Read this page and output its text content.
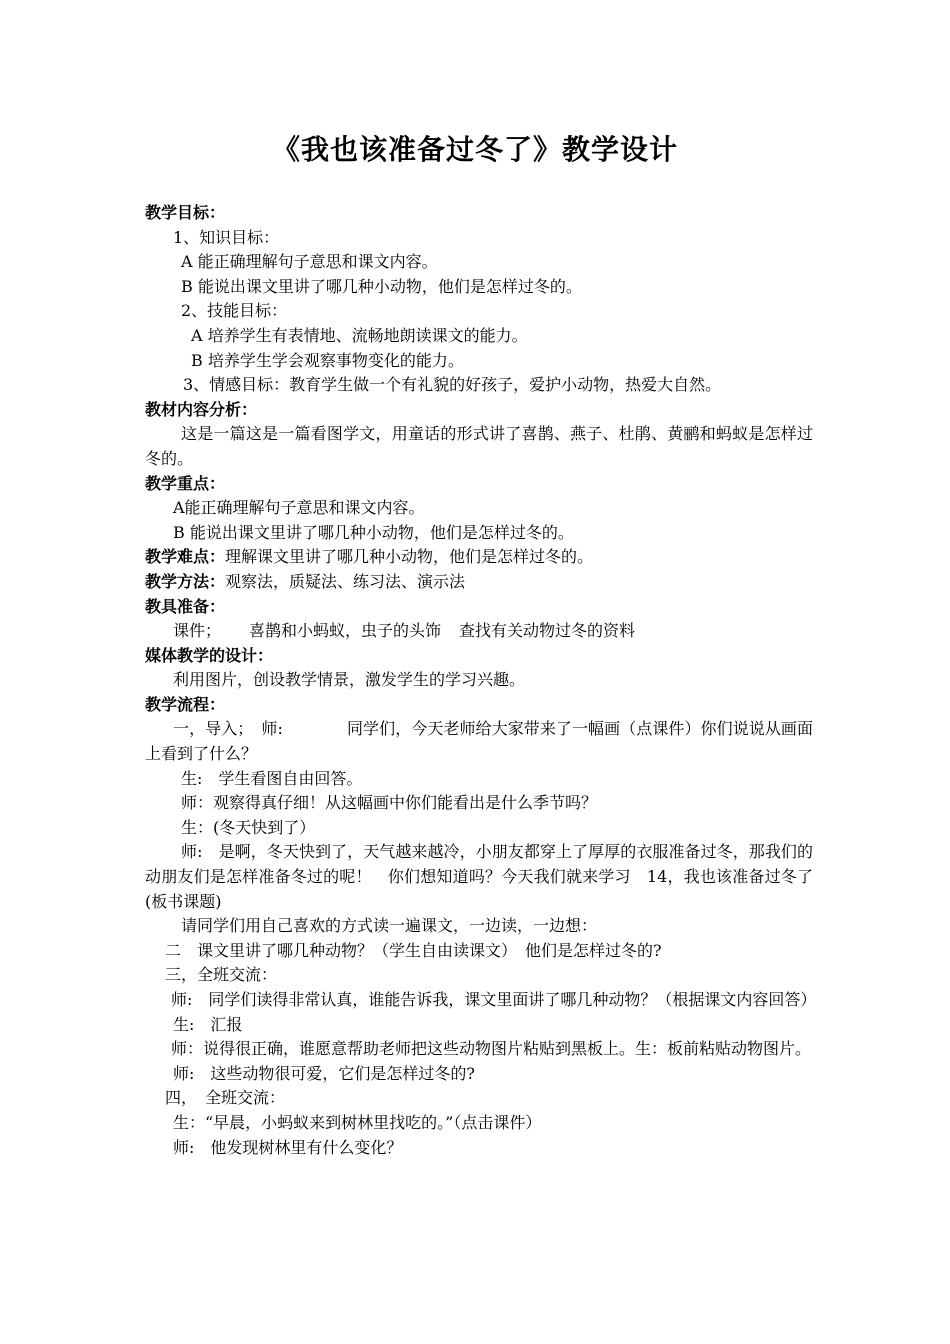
《我也该准备过冬了》教学设计

教学目标：

1、知识目标：

A 能正确理解句子意思和课文内容。

B 能说出课文里讲了哪几种小动物，他们是怎样过冬的。

2、技能目标：

A 培养学生有表情地、流畅地朗读课文的能力。

B 培养学生学会观察事物变化的能力。

3、情感目标：教育学生做一个有礼貌的好孩子，爱护小动物，热爱大自然。

教材内容分析：

这是一篇这是一篇看图学文，用童话的形式讲了喜鹊、燕子、杜鹃、黄鹂和蚂蚁是怎样过冬的。

教学重点：

A能正确理解句子意思和课文内容。

B 能说出课文里讲了哪几种小动物，他们是怎样过冬的。

教学难点：理解课文里讲了哪几种小动物，他们是怎样过冬的。

教学方法：观察法，质疑法、练习法、演示法

教具准备：

课件； 喜鹊和小蚂蚁，虫子的头饰 查找有关动物过冬的资料

媒体教学的设计：

利用图片，创设教学情景，激发学生的学习兴趣。

教学流程：

一，导入；　师:	同学们，今天老师给大家带来了一幅画（点课件）你们说说从画面上看到了什么？

生:　学生看图自由回答。

师：观察得真仔细！从这幅画中你们能看出是什么季节吗？

生：(冬天快到了）

师:　是啊，冬天快到了，天气越来越冷，小朋友都穿上了厚厚的衣服准备过冬，那我们的动朋友们是怎样准备冬过的呢！　你们想知道吗？今天我们就来学习　14，我也该准备过冬了(板书课题)

请同学们用自己喜欢的方式读一遍课文，一边读，一边想：

二　课文里讲了哪几种动物？（学生自由读课文）　他们是怎样过冬的?

三，全班交流：

师:　同学们读得非常认真，谁能告诉我，课文里面讲了哪几种动物？（根据课文内容回答）

生:　汇报

师：说得很正确，谁愿意帮助老师把这些动物图片粘贴到黑板上。生：板前粘贴动物图片。

师:　这些动物很可爱，它们是怎样过冬的?

四，　全班交流：

生：“早晨，小蚂蚁来到树林里找吃的。”（点击课件）

师:　他发现树林里有什么变化？
